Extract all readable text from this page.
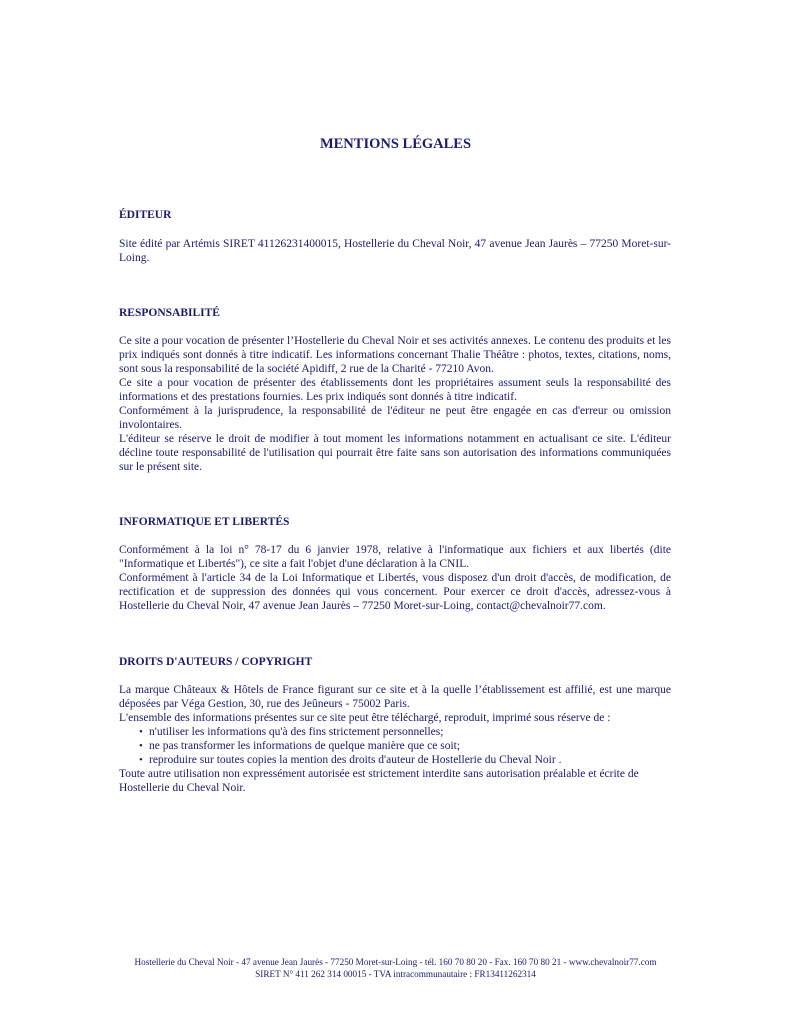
MENTIONS LÉGALES
ÉDITEUR

Site édité par Artémis SIRET 41126231400015, Hostellerie du Cheval Noir, 47 avenue Jean Jaurès – 77250 Moret-sur-Loing.

RESPONSABILITÉ

Ce site a pour vocation de présenter l’Hostellerie du Cheval Noir et ses activités annexes. Le contenu des produits et les prix indiqués sont donnés à titre indicatif. Les informations concernant Thalie Théâtre : photos, textes, citations, noms, sont sous la responsabilité de la société Apidiff, 2 rue de la Charité - 77210 Avon.

Ce site a pour vocation de présenter des établissements dont les propriétaires assument seuls la responsabilité des informations et des prestations fournies. Les prix indiqués sont donnés à titre indicatif.

Conformément à la jurisprudence, la responsabilité de l'éditeur ne peut être engagée en cas d'erreur ou omission involontaires.

L'éditeur se réserve le droit de modifier à tout moment les informations notamment en actualisant ce site. L'éditeur décline toute responsabilité de l'utilisation qui pourrait être faite sans son autorisation des informations communiquées sur le présent site.

INFORMATIQUE ET LIBERTÉS

Conformément à la loi n° 78-17 du 6 janvier 1978, relative à l'informatique aux fichiers et aux libertés (dite "Informatique et Libertés"), ce site a fait l'objet d'une déclaration à la CNIL.

Conformément à l'article 34 de la Loi Informatique et Libertés, vous disposez d'un droit d'accès, de modification, de rectification et de suppression des données qui vous concernent. Pour exercer ce droit d'accès, adressez-vous à Hostellerie du Cheval Noir, 47 avenue Jean Jaurès – 77250 Moret-sur-Loing, contact@chevalnoir77.com.

DROITS D'AUTEURS / COPYRIGHT

La marque Châteaux & Hôtels de France figurant sur ce site et à la quelle l’établissement est affilié, est une marque déposées par Véga Gestion, 30, rue des Jeûneurs - 75002 Paris.

L'ensemble des informations présentes sur ce site peut être téléchargé, reproduit, imprimé sous réserve de :

• n'utiliser les informations qu'à des fins strictement personnelles;

• ne pas transformer les informations de quelque manière que ce soit;

• reproduire sur toutes copies la mention des droits d'auteur de Hostellerie du Cheval Noir .

Toute autre utilisation non expressément autorisée est strictement interdite sans autorisation préalable et écrite de Hostellerie du Cheval Noir.

Hostellerie du Cheval Noir - 47 avenue Jean Jaurès - 77250 Moret-sur-Loing - tél. 160 70 80 20 - Fax. 160 70 80 21 - www.chevalnoir77.com
SIRET N° 411 262 314 00015 - TVA intracommunautaire : FR13411262314
